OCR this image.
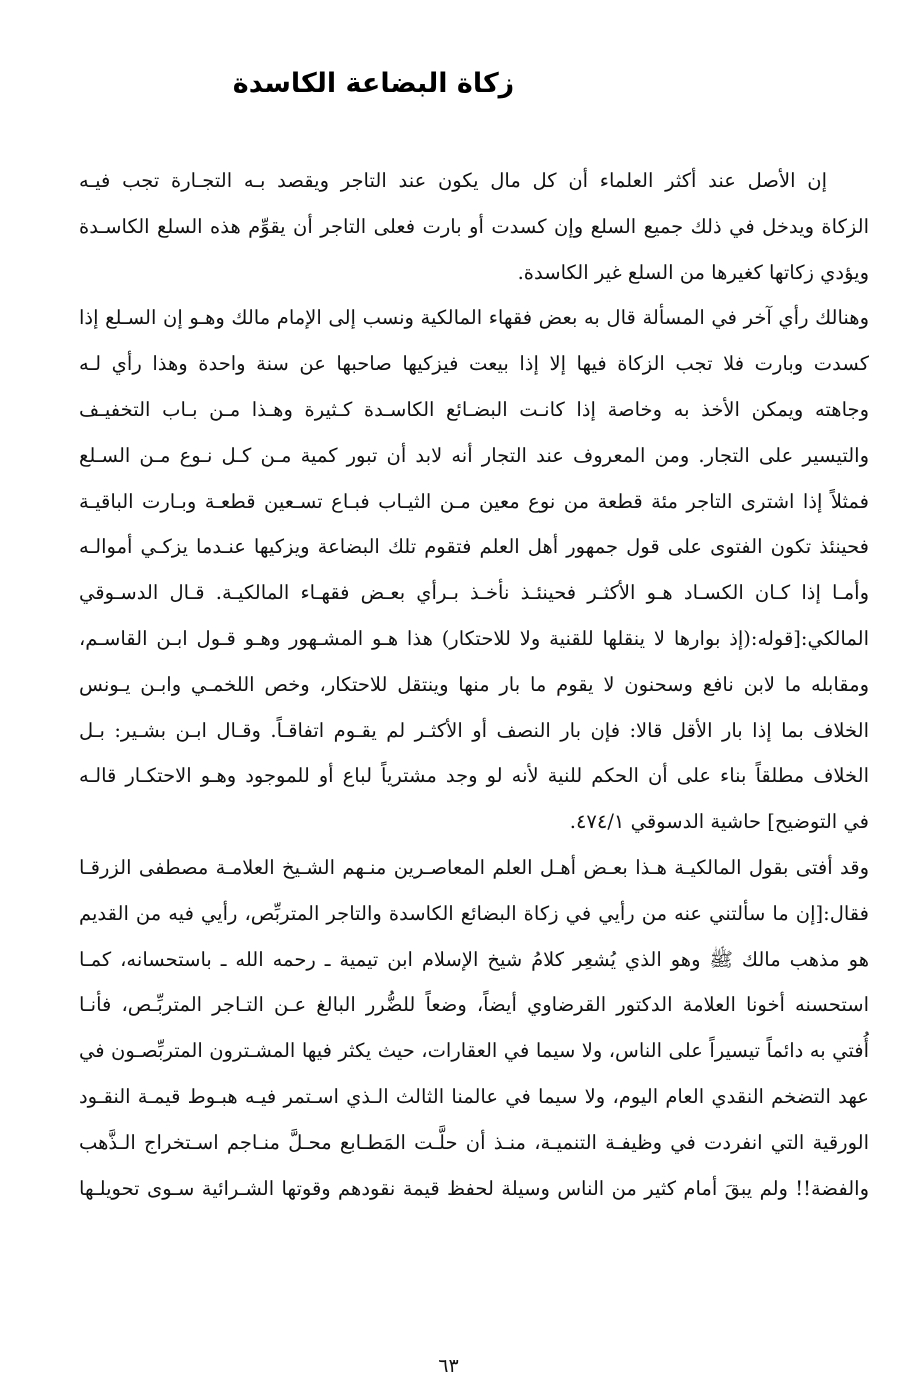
زكاة البضاعة الكاسدة
إن الأصل عند أكثر العلماء أن كل مال يكون عند التاجر ويقصد بـه التجـارة تجب فيـه
الزكاة ويدخل في ذلك جميع السلع وإن كسدت أو بارت فعلى التاجر أن يقوِّم هذه السلع الكاسـدة
ويؤدي زكاتها كغيرها من السلع غير الكاسدة.
وهنالك رأي آخر في المسألة قال به بعض فقهاء المالكية ونسب إلى الإمام مالك وهـو إن السـلع إذا
كسدت وبارت فلا تجب الزكاة فيها إلا إذا بيعت فيزكيها صاحبها عن سنة واحدة وهذا رأي لـه
وجاهته ويمكن الأخذ به وخاصة إذا كانـت البضـائع الكاسـدة كـثيرة وهـذا مـن بـاب التخفيـف
والتيسير على التجار. ومن المعروف عند التجار أنه لابد أن تبور كمية مـن كـل نـوع مـن السـلع
فمثلاً إذا اشترى التاجر مئة قطعة من نوع معين مـن الثيـاب فبـاع تسـعين قطعـة وبـارت الباقيـة
فحينئذ تكون الفتوى على قول جمهور أهل العلم فتقوم تلك البضاعة ويزكيها عنـدما يزكـي أموالـه
وأمـا إذا كـان الكسـاد هـو الأكثـر فحينئـذ نأخـذ بـرأي بعـض فقهـاء المالكيـة. قـال الدسـوقي
المالكي:[قوله:(إذ بوارها لا ينقلها للقنية ولا للاحتكار) هذا هـو المشـهور وهـو قـول ابـن القاسـم،
ومقابله ما لابن نافع وسحنون لا يقوم ما بار منها وينتقل للاحتكار، وخص اللخمـي وابـن يـونس
الخلاف بما إذا بار الأقل قالا: فإن بار النصف أو الأكثـر لم يقـوم اتفاقـاً. وقـال ابـن بشـير: بـل
الخلاف مطلقاً بناء على أن الحكم للنية لأنه لو وجد مشترياً لباع أو للموجود وهـو الاحتكـار قالـه
في التوضيح] حاشية الدسوقي ٤٧٤/١.
وقد أفتى بقول المالكيـة هـذا بعـض أهـل العلم المعاصـرين منـهم الشـيخ العلامـة مصطفى الزرقـا
فقال:[إن ما سألتني عنه من رأيي في زكاة البضائع الكاسدة والتاجر المتربِّص، رأيي فيه من القديم
هو مذهب مالك ﷺ وهو الذي يُشعِر كلامُ شيخ الإسلام ابن تيمية ـ رحمه الله ـ باستحسانه، كمـا
استحسنه أخونا العلامة الدكتور القرضاوي أيضاً، وضعاً للضُّرر البالغ عـن التـاجر المتربِّـص، فأنـا
أُفتي به دائماً تيسيراً على الناس، ولا سيما في العقارات، حيث يكثر فيها المشـترون المتربِّصـون في
عهد التضخم النقدي العام اليوم، ولا سيما في عالمنا الثالث الـذي اسـتمر فيـه هبـوط قيمـة النقـود
الورقية التي انفردت في وظيفـة التنميـة، منـذ أن حلَّـت المَطـابع محـلَّ منـاجم اسـتخراج الـذَّهب
والفضة!! ولم يبقَ أمام كثير من الناس وسيلة لحفظ قيمة نقودهم وقوتها الشـرائية سـوى تحويلـها
٦٣
